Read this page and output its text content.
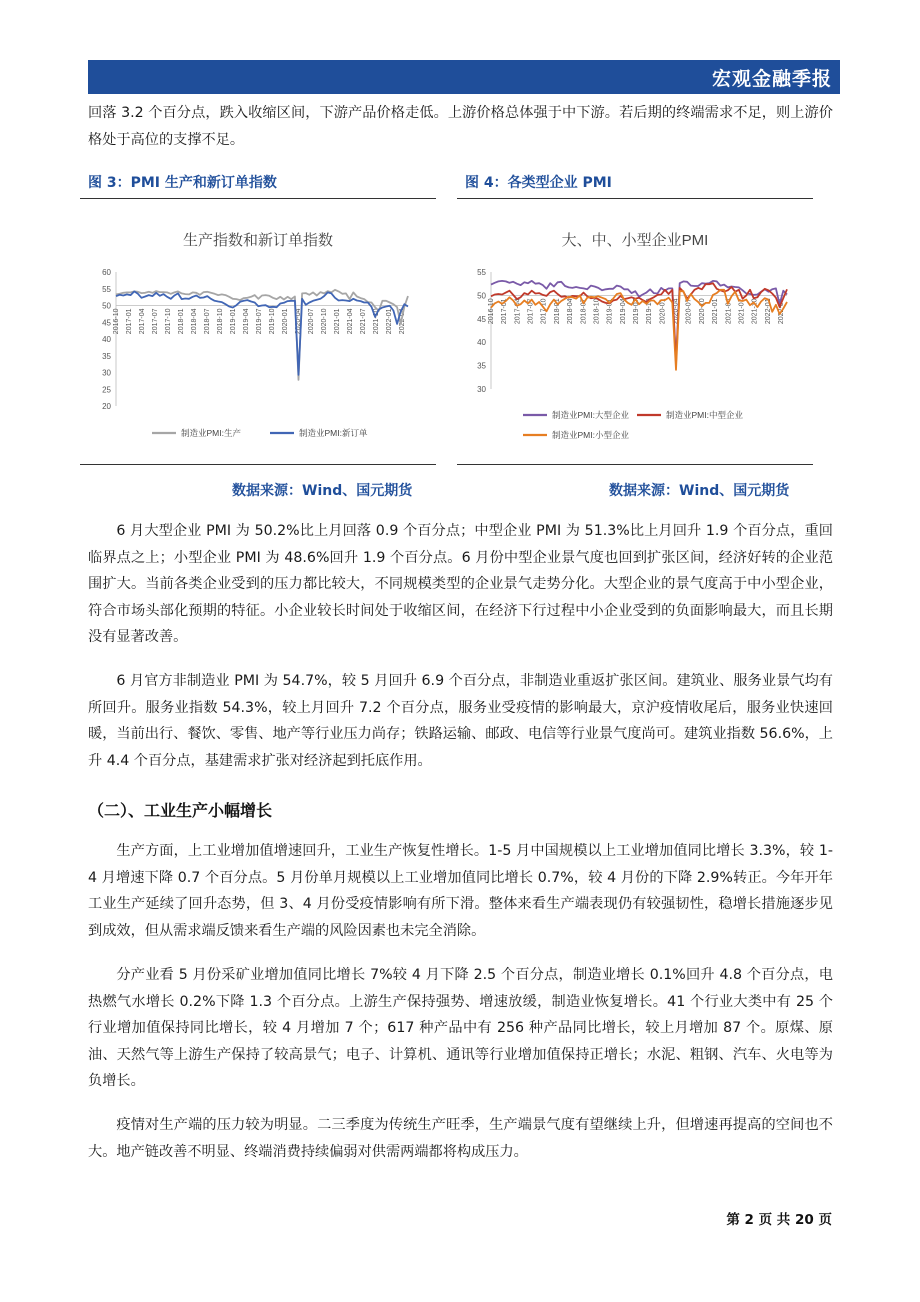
宏观金融季报
回落 3.2 个百分点，跌入收缩区间，下游产品价格走低。上游价格总体强于中下游。若后期的终端需求不足，则上游价格处于高位的支撑不足。
图 3：PMI 生产和新订单指数
生产指数和新订单指数
20
25
30
35
40
45
50
55
60
2016-10 2017-01 2017-04 2017-07 2017-10 2018-01 2018-04 2018-07 2018-10 2019-01 2019-04 2019-07 2019-10 2020-01 2020-04 2020-07 2020-10 2021-01 2021-04 2021-07 2021-10 2022-01 2022-04
制造业PMI:生产	制造业PMI:新订单
数据来源：Wind、国元期货
图 4：各类型企业 PMI
大、中、小型企业PMI
30
35
40
45
50
55
2016-10 2017-01 2017-04 2017-07 2017-10 2018-01 2018-04 2018-07 2018-10 2019-01 2019-04 2019-07 2019-10 2020-01 2020-04 2020-07 2020-10 2021-01 2021-04 2021-07 2021-10 2022-01 2022-04
制造业PMI:大型企业	制造业PMI:中型企业
制造业PMI:小型企业
数据来源：Wind、国元期货
6 月大型企业 PMI 为 50.2%比上月回落 0.9 个百分点；中型企业 PMI 为 51.3%比上月回升 1.9 个百分点，重回临界点之上；小型企业 PMI 为 48.6%回升 1.9 个百分点。6 月份中型企业景气度也回到扩张区间，经济好转的企业范围扩大。当前各类企业受到的压力都比较大，不同规模类型的企业景气走势分化。大型企业的景气度高于中小型企业，符合市场头部化预期的特征。小企业较长时间处于收缩区间，在经济下行过程中小企业受到的负面影响最大，而且长期没有显著改善。
6 月官方非制造业 PMI 为 54.7%，较 5 月回升 6.9 个百分点，非制造业重返扩张区间。建筑业、服务业景气均有所回升。服务业指数 54.3%，较上月回升 7.2 个百分点，服务业受疫情的影响最大，京沪疫情收尾后，服务业快速回暖，当前出行、餐饮、零售、地产等行业压力尚存；铁路运输、邮政、电信等行业景气度尚可。建筑业指数 56.6%，上升 4.4 个百分点，基建需求扩张对经济起到托底作用。
（二）、工业生产小幅增长
生产方面，上工业增加值增速回升，工业生产恢复性增长。1-5 月中国规模以上工业增加值同比增长 3.3%，较 1-4 月增速下降 0.7 个百分点。5 月份单月规模以上工业增加值同比增长 0.7%，较 4 月份的下降 2.9%转正。今年开年工业生产延续了回升态势，但 3、4 月份受疫情影响有所下滑。整体来看生产端表现仍有较强韧性，稳增长措施逐步见到成效，但从需求端反馈来看生产端的风险因素也未完全消除。
分产业看 5 月份采矿业增加值同比增长 7%较 4 月下降 2.5 个百分点，制造业增长 0.1%回升 4.8 个百分点，电热燃气水增长 0.2%下降 1.3 个百分点。上游生产保持强势、增速放缓，制造业恢复增长。41 个行业大类中有 25 个行业增加值保持同比增长，较 4 月增加 7 个；617 种产品中有 256 种产品同比增长，较上月增加 87 个。原煤、原油、天然气等上游生产保持了较高景气；电子、计算机、通讯等行业增加值保持正增长；水泥、粗钢、汽车、火电等为负增长。
疫情对生产端的压力较为明显。二三季度为传统生产旺季，生产端景气度有望继续上升，但增速再提高的空间也不大。地产链改善不明显、终端消费持续偏弱对供需两端都将构成压力。
第 2 页 共 20 页
